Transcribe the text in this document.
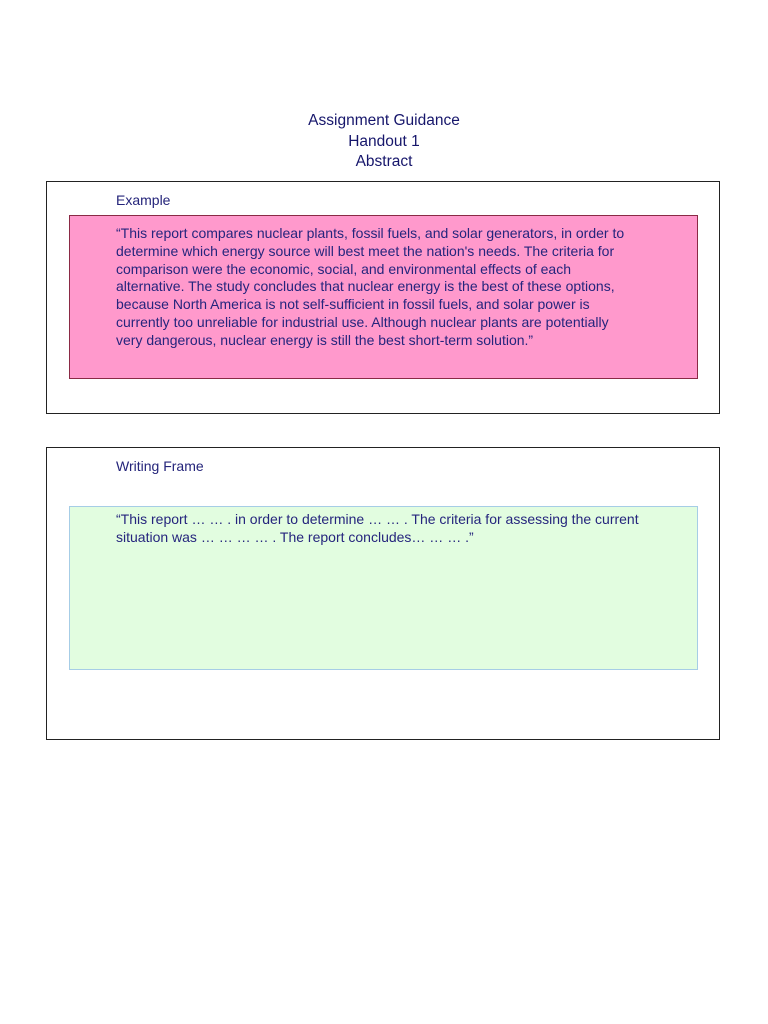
Assignment Guidance
Handout 1
Abstract
Example
“This report compares nuclear plants, fossil fuels, and solar generators, in order to determine which energy source will best meet the nation's needs. The criteria for comparison were the economic, social, and environmental effects of each alternative. The study concludes that nuclear energy is the best of these options, because North America is not self-sufficient in fossil fuels, and solar power is currently too unreliable for industrial use. Although nuclear plants are potentially very dangerous, nuclear energy is still the best short-term solution.”
Writing Frame
“This report … … . in order to determine … … . The criteria for assessing the current situation was … … … … . The report concludes… … … .”
